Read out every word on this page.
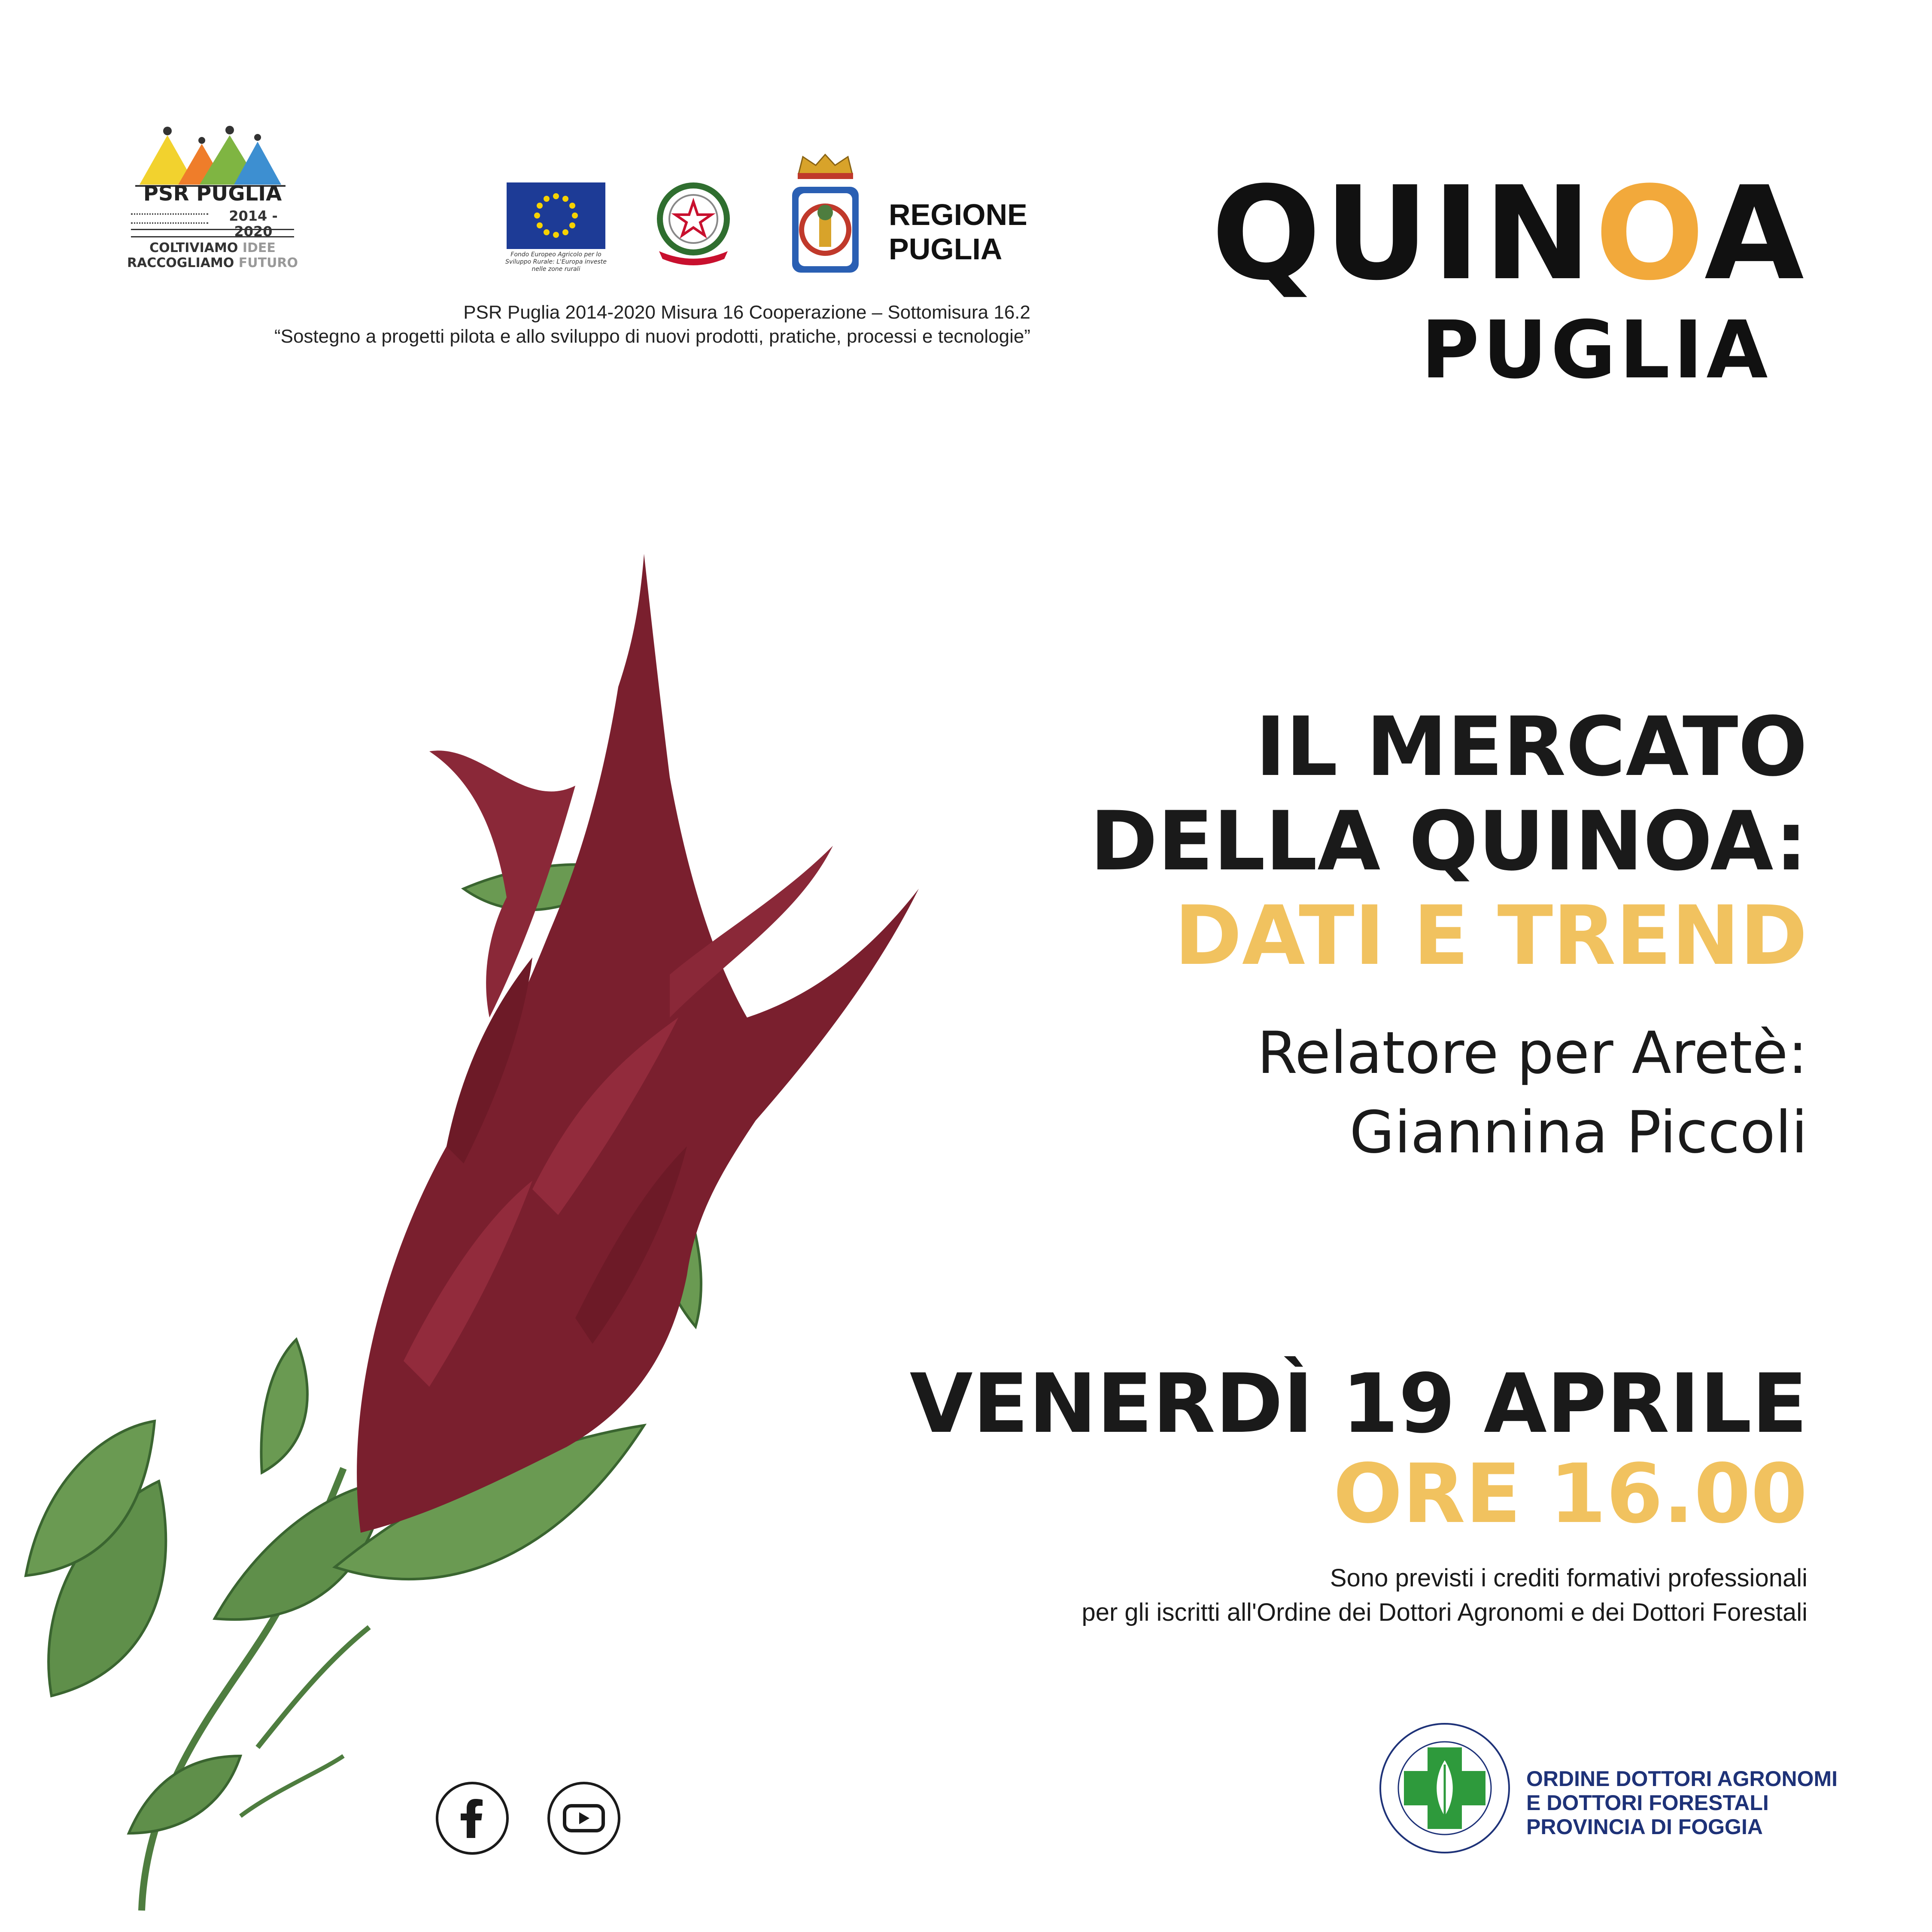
PSR PUGLIA
2014 - 2020
COLTIVIAMO IDEE
RACCOGLIAMO FUTURO
Fondo Europeo Agricolo per lo Sviluppo Rurale: L'Europa investe nelle zone rurali
REGIONE
PUGLIA
PSR Puglia 2014-2020 Misura 16 Cooperazione – Sottomisura 16.2
“Sostegno a progetti pilota e allo sviluppo di nuovi prodotti, pratiche, processi e tecnologie”
QUINOA
PUGLIA
IL MERCATO
DELLA QUINOA:
DATI E TREND
Relatore per Aretè:
Giannina Piccoli
VENERDÌ 19 APRILE
ORE 16.00
Sono previsti i crediti formativi professionali
per gli iscritti all'Ordine dei Dottori Agronomi e dei Dottori Forestali
ORDINE DOTTORI AGRONOMI
E DOTTORI FORESTALI
PROVINCIA DI FOGGIA
